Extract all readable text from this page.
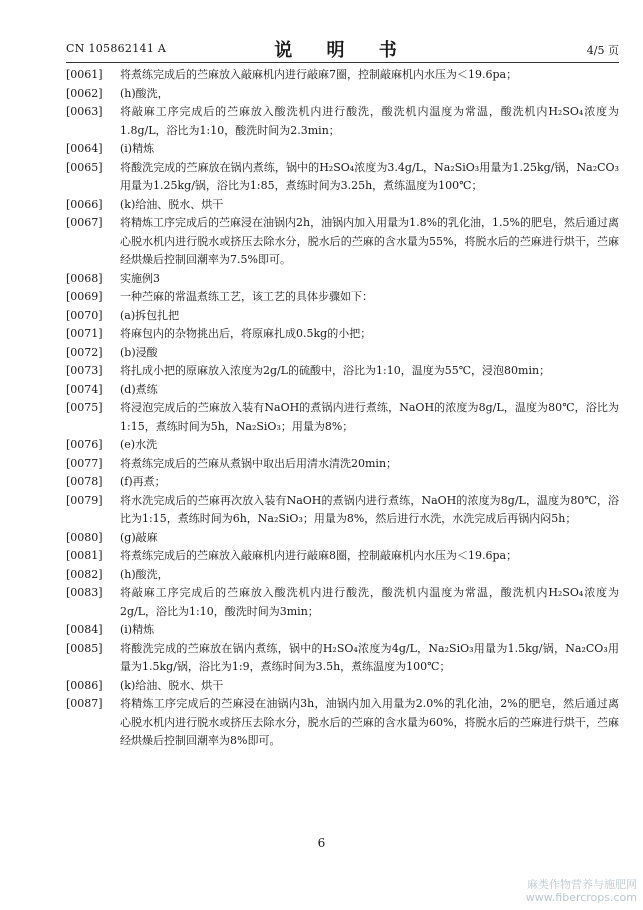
CN 105862141 A	说 明 书	4/5 页
[0061]	将煮练完成后的苎麻放入敲麻机内进行敲麻7圈，控制敲麻机内水压为＜19.6pa；
[0062]	(h)酸洗，
[0063]	将敲麻工序完成后的苎麻放入酸洗机内进行酸洗，酸洗机内温度为常温，酸洗机内H₂SO₄浓度为1.8g/L，浴比为1:10，酸洗时间为2.3min；
[0064]	(i)精炼
[0065]	将酸洗完成的苎麻放在锅内煮练，锅中的H₂SO₄浓度为3.4g/L，Na₂SiO₃用量为1.25kg/锅，Na₂CO₃用量为1.25kg/锅，浴比为1:85，煮练时间为3.25h，煮练温度为100℃；
[0066]	(k)给油、脱水、烘干
[0067]	将精炼工序完成后的苎麻浸在油锅内2h，油锅内加入用量为1.8%的乳化油，1.5%的肥皂，然后通过离心脱水机内进行脱水或挤压去除水分，脱水后的苎麻的含水量为55%，将脱水后的苎麻进行烘干，苎麻经烘燥后控制回潮率为7.5%即可。
[0068]	实施例3
[0069]	一种苎麻的常温煮练工艺，该工艺的具体步骤如下：
[0070]	(a)拆包扎把
[0071]	将麻包内的杂物挑出后，将原麻扎成0.5kg的小把；
[0072]	(b)浸酸
[0073]	将扎成小把的原麻放入浓度为2g/L的硫酸中，浴比为1:10，温度为55℃，浸泡80min；
[0074]	(d)煮练
[0075]	将浸泡完成后的苎麻放入装有NaOH的煮锅内进行煮练，NaOH的浓度为8g/L，温度为80℃，浴比为1:15，煮练时间为5h，Na₂SiO₃；用量为8%；
[0076]	(e)水洗
[0077]	将煮练完成后的苎麻从煮锅中取出后用清水清洗20min；
[0078]	(f)再煮；
[0079]	将水洗完成后的苎麻再次放入装有NaOH的煮锅内进行煮练，NaOH的浓度为8g/L，温度为80℃，浴比为1:15，煮练时间为6h，Na₂SiO₃；用量为8%，然后进行水洗，水洗完成后再锅内闷5h；
[0080]	(g)敲麻
[0081]	将煮练完成后的苎麻放入敲麻机内进行敲麻8圈，控制敲麻机内水压为＜19.6pa；
[0082]	(h)酸洗，
[0083]	将敲麻工序完成后的苎麻放入酸洗机内进行酸洗，酸洗机内温度为常温，酸洗机内H₂SO₄浓度为2g/L，浴比为1:10，酸洗时间为3min；
[0084]	(i)精炼
[0085]	将酸洗完成的苎麻放在锅内煮练，锅中的H₂SO₄浓度为4g/L，Na₂SiO₃用量为1.5kg/锅，Na₂CO₃用量为1.5kg/锅，浴比为1:9，煮练时间为3.5h，煮练温度为100℃；
[0086]	(k)给油、脱水、烘干
[0087]	将精炼工序完成后的苎麻浸在油锅内3h，油锅内加入用量为2.0%的乳化油，2%的肥皂，然后通过离心脱水机内进行脱水或挤压去除水分，脱水后的苎麻的含水量为60%，将脱水后的苎麻进行烘干，苎麻经烘燥后控制回潮率为8%即可。
6
麻类作物营养与施肥网
www.fibercrops.com
